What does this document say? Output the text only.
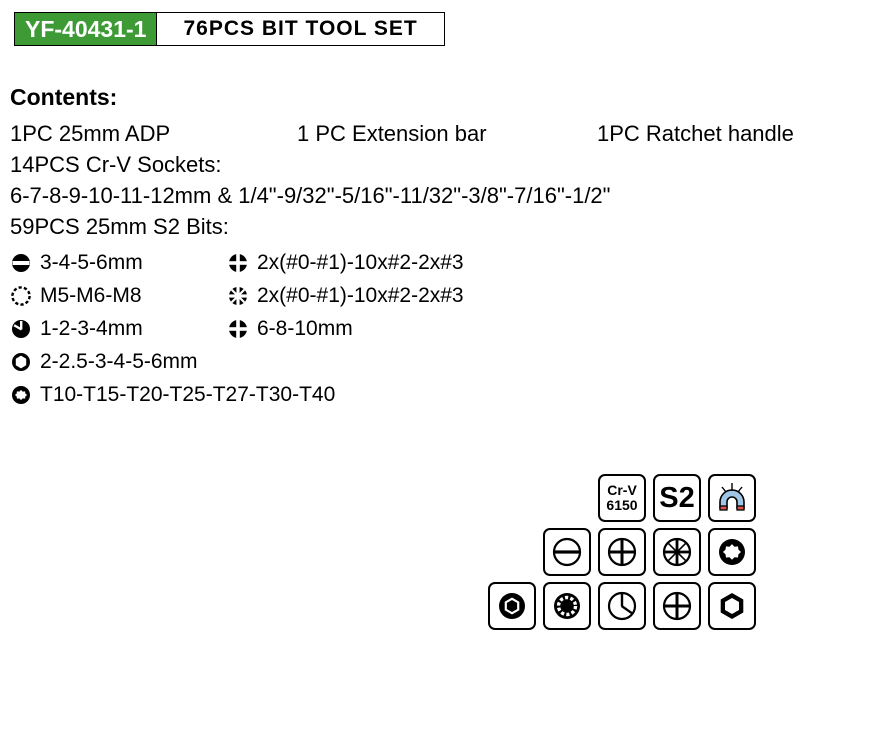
YF-40431-1	76PCS BIT TOOL SET
Contents:
1PC 25mm ADP	1 PC Extension bar	1PC Ratchet handle
14PCS Cr-V Sockets:
6-7-8-9-10-11-12mm & 1/4"-9/32"-5/16"-11/32"-3/8"-7/16"-1/2"
59PCS 25mm S2 Bits:
3-4-5-6mm	2x(#0-#1)-10x#2-2x#3
M5-M6-M8	2x(#0-#1)-10x#2-2x#3
1-2-3-4mm	6-8-10mm
2-2.5-3-4-5-6mm
T10-T15-T20-T25-T27-T30-T40
Cr-V
6150 S2
